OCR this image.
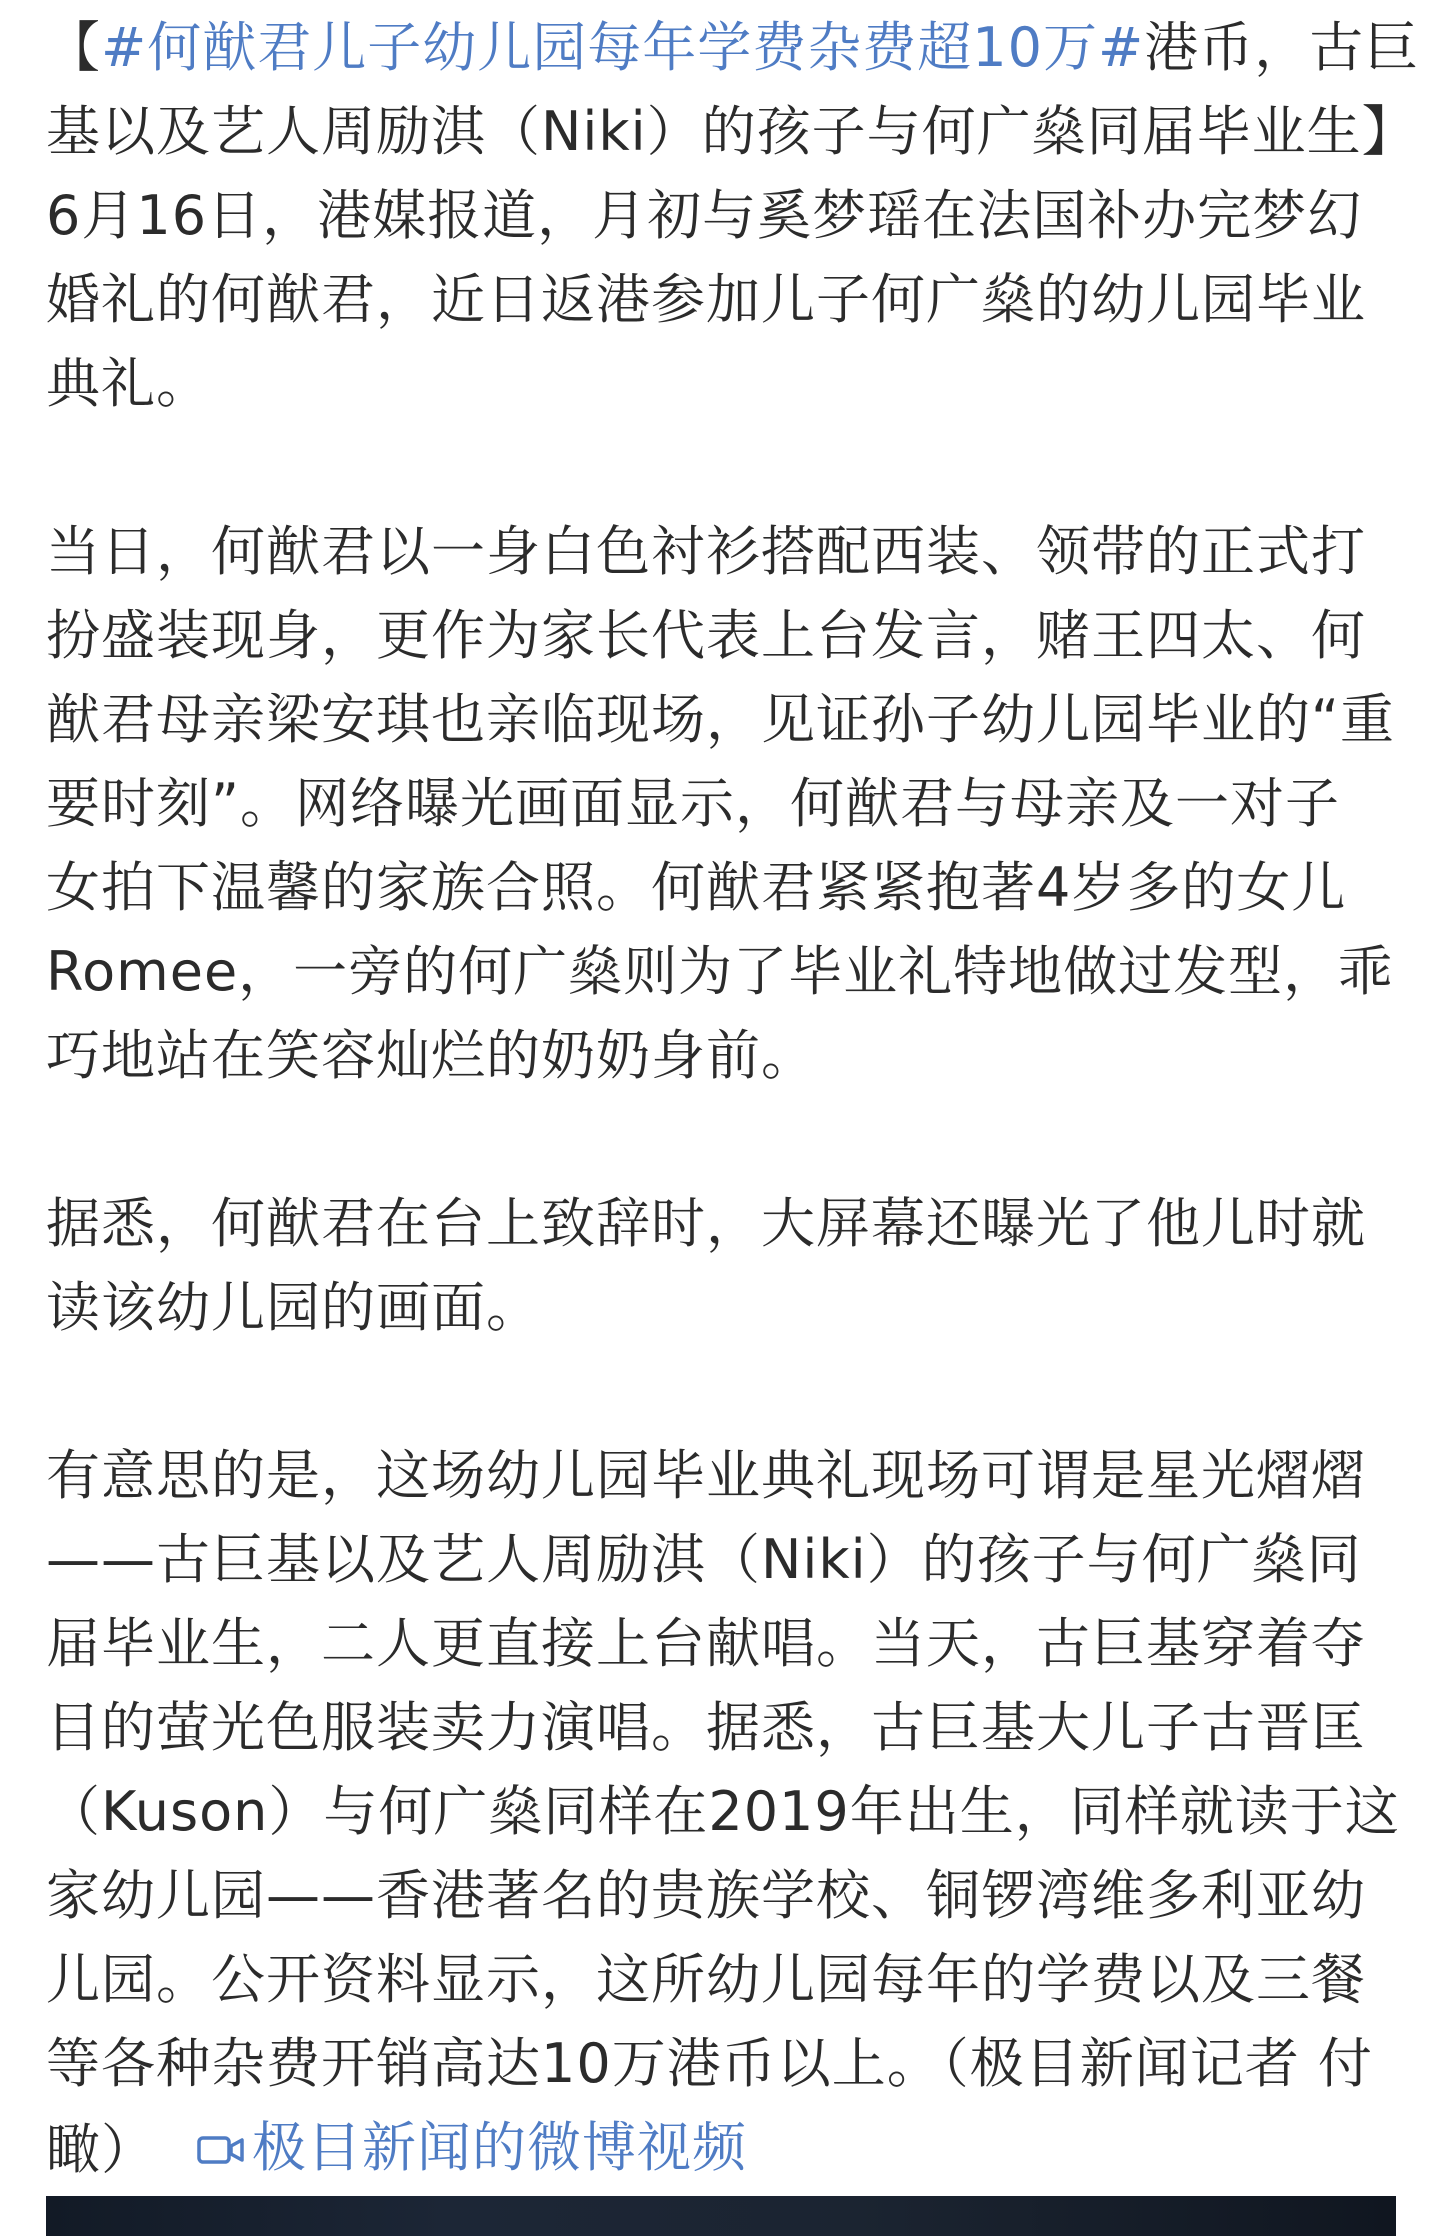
【#何猷君儿子幼儿园每年学费杂费超10万#港币，古巨
基以及艺人周励淇（Niki）的孩子与何广燊同届毕业生】
6月16日，港媒报道，月初与奚梦瑶在法国补办完梦幻
婚礼的何猷君，近日返港参加儿子何广燊的幼儿园毕业
典礼。
当日，何猷君以一身白色衬衫搭配西装、领带的正式打
扮盛装现身，更作为家长代表上台发言，赌王四太、何
猷君母亲梁安琪也亲临现场，见证孙子幼儿园毕业的“重
要时刻”。网络曝光画面显示，何猷君与母亲及一对子
女拍下温馨的家族合照。何猷君紧紧抱著4岁多的女儿
Romee，一旁的何广燊则为了毕业礼特地做过发型，乖
巧地站在笑容灿烂的奶奶身前。
据悉，何猷君在台上致辞时，大屏幕还曝光了他儿时就
读该幼儿园的画面。
有意思的是，这场幼儿园毕业典礼现场可谓是星光熠熠
——古巨基以及艺人周励淇（Niki）的孩子与何广燊同
届毕业生，二人更直接上台献唱。当天，古巨基穿着夺
目的萤光色服装卖力演唱。据悉，古巨基大儿子古晋匡
（Kuson）与何广燊同样在2019年出生，同样就读于这
家幼儿园——香港著名的贵族学校、铜锣湾维多利亚幼
儿园。公开资料显示，这所幼儿园每年的学费以及三餐
等各种杂费开销高达10万港币以上。（极目新闻记者 付
瞰） 极目新闻的微博视频
